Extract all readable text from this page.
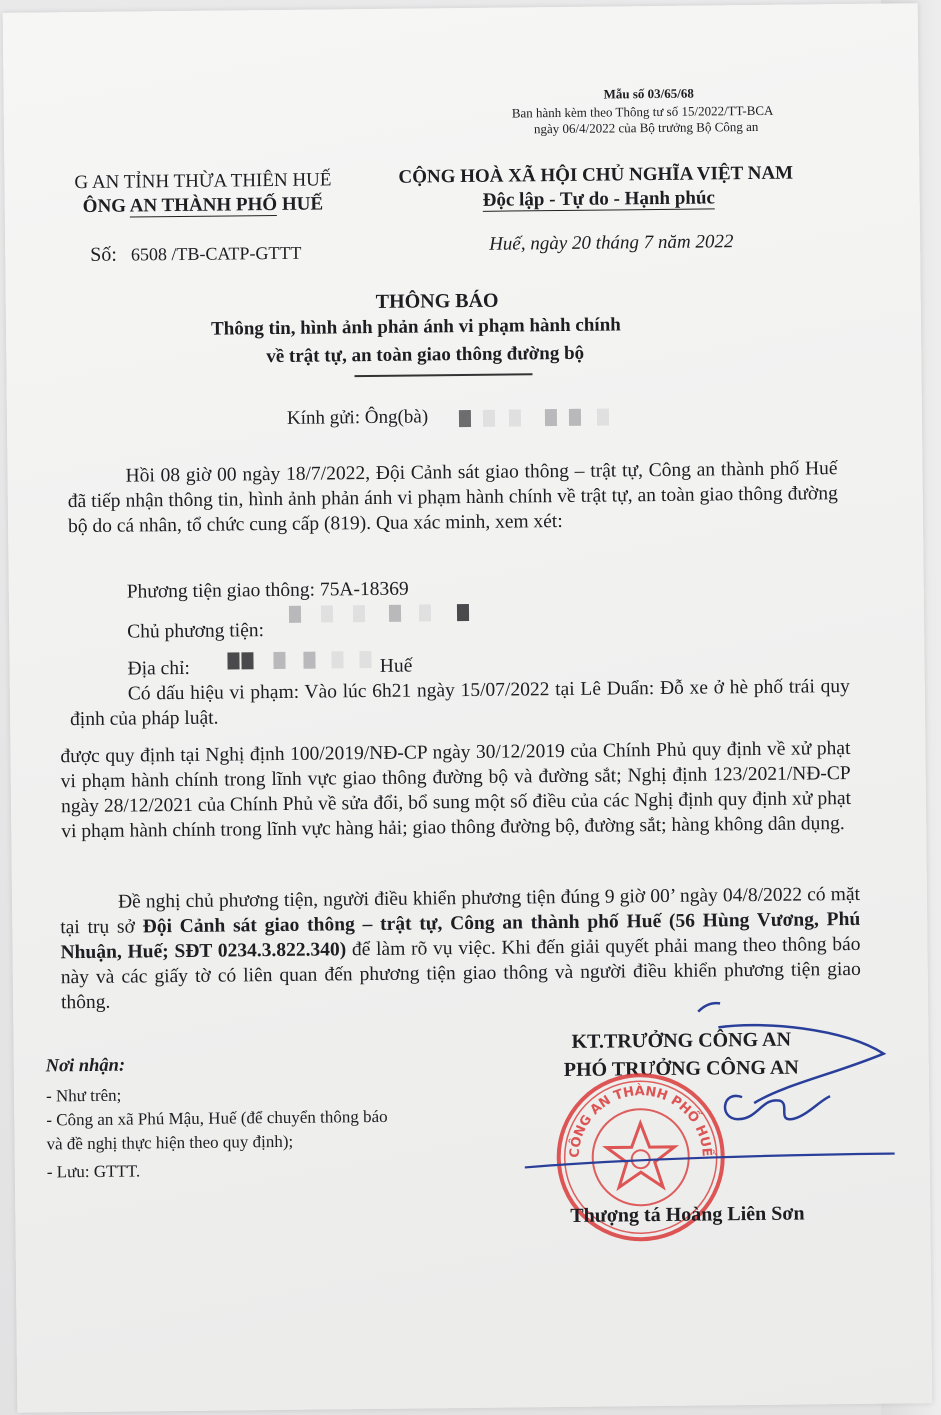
Mẫu số 03/65/68
Ban hành kèm theo Thông tư số 15/2022/TT-BCA
ngày 06/4/2022 của Bộ trưởng Bộ Công an
G AN TỈNH THỪA THIÊN HUẾ
ÔNG AN THÀNH PHỐ HUẾ
CỘNG HOÀ XÃ HỘI CHỦ NGHĨA VIỆT NAM
Độc lập - Tự do - Hạnh phúc
Số: 6508 /TB-CATP-GTTT	Huế, ngày 20 tháng 7 năm 2022
THÔNG BÁO
Thông tin, hình ảnh phản ánh vi phạm hành chính
về trật tự, an toàn giao thông đường bộ
Kính gửi: Ông(bà)
Hồi 08 giờ 00 ngày 18/7/2022, Đội Cảnh sát giao thông – trật tự, Công an thành phố Huế đã tiếp nhận thông tin, hình ảnh phản ánh vi phạm hành chính về trật tự, an toàn giao thông đường bộ do cá nhân, tổ chức cung cấp (819). Qua xác minh, xem xét:
Phương tiện giao thông: 75A-18369
Chủ phương tiện:
Địa chỉ:	Huế
Có dấu hiệu vi phạm: Vào lúc 6h21 ngày 15/07/2022 tại Lê Duẩn: Đỗ xe ở hè phố trái quy định của pháp luật.
được quy định tại Nghị định 100/2019/NĐ-CP ngày 30/12/2019 của Chính Phủ quy định về xử phạt vi phạm hành chính trong lĩnh vực giao thông đường bộ và đường sắt; Nghị định 123/2021/NĐ-CP ngày 28/12/2021 của Chính Phủ về sửa đổi, bổ sung một số điều của các Nghị định quy định xử phạt vi phạm hành chính trong lĩnh vực hàng hải; giao thông đường bộ, đường sắt; hàng không dân dụng.
Đề nghị chủ phương tiện, người điều khiển phương tiện đúng 9 giờ 00’ ngày 04/8/2022 có mặt tại trụ sở Đội Cảnh sát giao thông – trật tự, Công an thành phố Huế (56 Hùng Vương, Phú Nhuận, Huế; SĐT 0234.3.822.340) để làm rõ vụ việc. Khi đến giải quyết phải mang theo thông báo này và các giấy tờ có liên quan đến phương tiện giao thông và người điều khiển phương tiện giao thông.
Nơi nhận:
- Như trên;
- Công an xã Phú Mậu, Huế (để chuyển thông báo
và đề nghị thực hiện theo quy định);
- Lưu: GTTT.
KT.TRƯỞNG CÔNG AN
PHÓ TRƯỞNG CÔNG AN
CÔNG AN THÀNH PHỐ HUẾ
Thượng tá Hoàng Liên Sơn
